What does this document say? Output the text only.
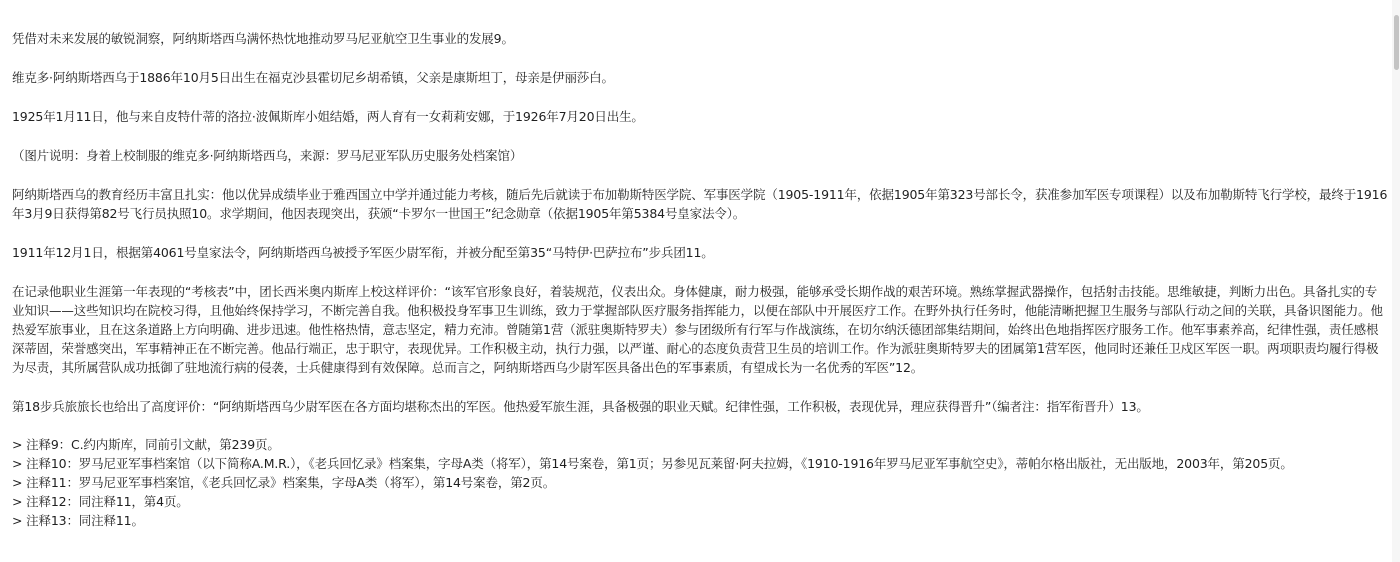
凭借对未来发展的敏锐洞察，阿纳斯塔西乌满怀热忱地推动罗马尼亚航空卫生事业的发展9。

维克多·阿纳斯塔西乌于1886年10月5日出生在福克沙县霍切尼乡胡希镇，父亲是康斯坦丁，母亲是伊丽莎白。

1925年1月11日，他与来自皮特什蒂的洛拉·波佩斯库小姐结婚，两人育有一女莉莉安娜，于1926年7月20日出生。

（图片说明：身着上校制服的维克多·阿纳斯塔西乌，来源：罗马尼亚军队历史服务处档案馆）

阿纳斯塔西乌的教育经历丰富且扎实：他以优异成绩毕业于雅西国立中学并通过能力考核，随后先后就读于布加勒斯特医学院、军事医学院（1905-1911年，依据1905年第323号部长令，获准参加军医专项课程）以及布加勒斯特飞行学校，最终于1916年3月9日获得第82号飞行员执照10。求学期间，他因表现突出，获颁“卡罗尔一世国王”纪念勋章（依据1905年第5384号皇家法令）。

1911年12月1日，根据第4061号皇家法令，阿纳斯塔西乌被授予军医少尉军衔，并被分配至第35“马特伊·巴萨拉布”步兵团11。

在记录他职业生涯第一年表现的“考核表”中，团长西米奥内斯库上校这样评价：“该军官形象良好，着装规范，仪表出众。身体健康，耐力极强，能够承受长期作战的艰苦环境。熟练掌握武器操作，包括射击技能。思维敏捷，判断力出色。具备扎实的专业知识——这些知识均在院校习得，且他始终保持学习，不断完善自我。他积极投身军事卫生训练，致力于掌握部队医疗服务指挥能力，以便在部队中开展医疗工作。在野外执行任务时，他能清晰把握卫生服务与部队行动之间的关联，具备识图能力。他热爱军旅事业，且在这条道路上方向明确、进步迅速。他性格热情，意志坚定，精力充沛。曾随第1营（派驻奥斯特罗夫）参与团级所有行军与作战演练，在切尔纳沃德团部集结期间，始终出色地指挥医疗服务工作。他军事素养高，纪律性强，责任感根深蒂固，荣誉感突出，军事精神正在不断完善。他品行端正，忠于职守，表现优异。工作积极主动，执行力强，以严谨、耐心的态度负责营卫生员的培训工作。作为派驻奥斯特罗夫的团属第1营军医，他同时还兼任卫戍区军医一职。两项职责均履行得极为尽责，其所属营队成功抵御了驻地流行病的侵袭，士兵健康得到有效保障。总而言之，阿纳斯塔西乌少尉军医具备出色的军事素质，有望成长为一名优秀的军医”12。

第18步兵旅旅长也给出了高度评价：“阿纳斯塔西乌少尉军医在各方面均堪称杰出的军医。他热爱军旅生涯，具备极强的职业天赋。纪律性强，工作积极，表现优异，理应获得晋升”（编者注：指军衔晋升）13。

> 注释9：C.约内斯库，同前引文献，第239页。

> 注释10：罗马尼亚军事档案馆（以下简称A.M.R.），《老兵回忆录》档案集，字母A类（将军），第14号案卷，第1页；另参见瓦莱留·阿夫拉姆，《1910-1916年罗马尼亚军事航空史》，蒂帕尔格出版社，无出版地，2003年，第205页。

> 注释11：罗马尼亚军事档案馆，《老兵回忆录》档案集，字母A类（将军），第14号案卷，第2页。

> 注释12：同注释11，第4页。

> 注释13：同注释11。
